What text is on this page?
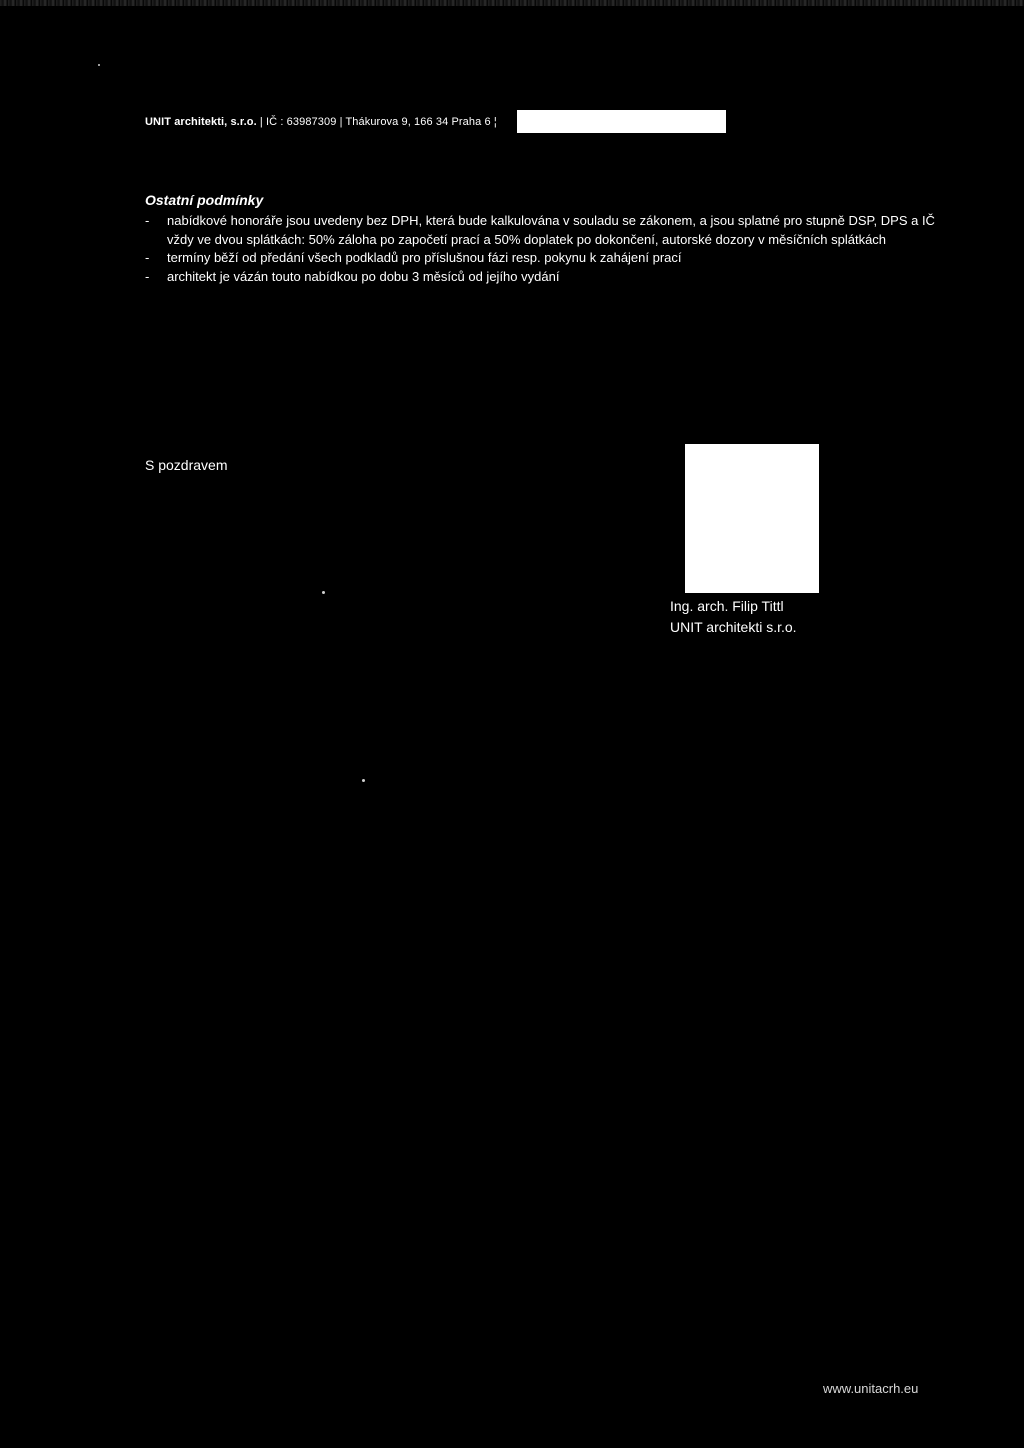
UNIT architekti, s.r.o. | IČ : 63987309 | Thákurova 9, 166 34 Praha 6 ¦
Ostatní podmínky
- nabídkové honoráře jsou uvedeny bez DPH, která bude kalkulována v souladu se zákonem, a jsou splatné pro stupně DSP, DPS a IČ vždy ve dvou splátkách: 50% záloha po započetí prací a 50% doplatek po dokončení, autorské dozory v měsíčních splátkách
- termíny běží od předání všech podkladů pro příslušnou fázi resp. pokynu k zahájení prací
- architekt je vázán touto nabídkou po dobu 3 měsíců od jejího vydání
S pozdravem
Ing. arch. Filip Tittl
UNIT architekti s.r.o.
www.unitacrh.eu
